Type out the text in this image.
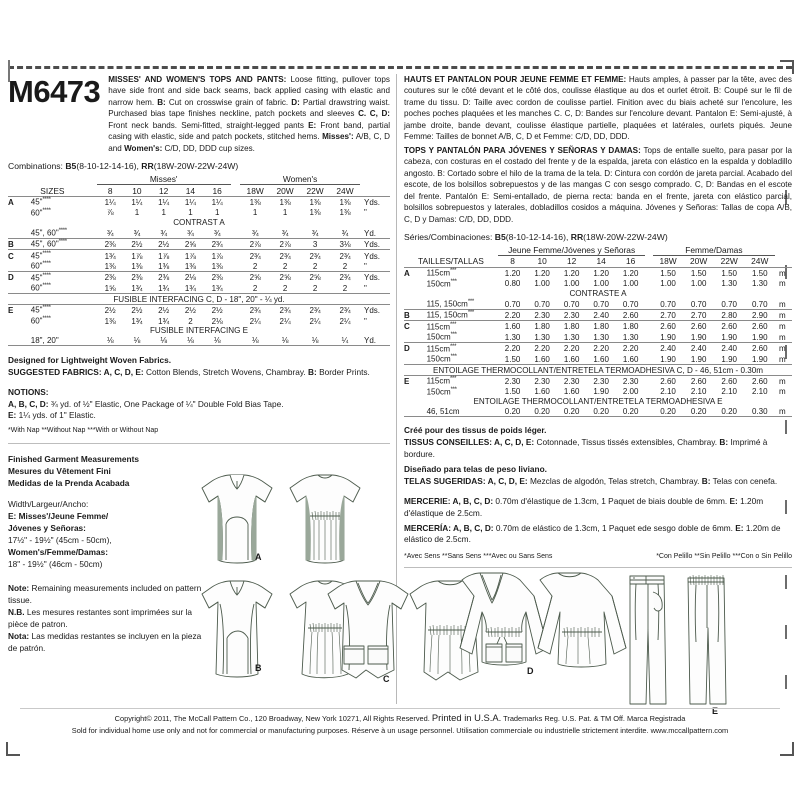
M6473 MISSES' AND WOMEN'S TOPS AND PANTS: Loose fitting, pullover tops have side front and side back seams, back applied casing with elastic and narrow hem. B: Cut on crosswise grain of fabric. D: Partial drawstring waist. Purchased bias tape finishes neckline, patch pockets and sleeves C. C, D: Front neck bands. Semi-fitted, straight-legged pants E: Front band, partial casing with elastic, side and patch pockets, stitched hems. Misses': A/B, C, D and Women's: C/D, DD, DDD cup sizes.
Combinations: B5(8-10-12-14-16), RR(18W-20W-22W-24W)
		Misses'						Women's				
SIZES		8	10	12	14	16		18W	20W	22W	24W	
A	45"****	1¼	1¼	1¼	1¼	1¼		1⅜	1⅜	1⅜	1⅜	Yds.
	60"****	⅞	1	1	1	1		1	1	1⅜	1⅜	"
CONTRAST A												
	45", 60"****	¾	¾	¾	¾	¾		¾	¾	¾	¾	Yd.
B	45", 60"****	2⅜	2½	2½	2⅝	2¾		2⅞	2⅞	3	3⅛	Yds.
C	45"****	1¾	1⅞	1⅞	1⅞	1⅞		2¾	2¾	2¾	2¾	Yds.
	60"****	1⅜	1⅜	1⅜	1⅜	1⅜		2	2	2	2	"
D	45"****	2⅜	2⅜	2⅜	2⅛	2⅜		2⅝	2⅝	2⅝	2¾	Yds.
	60"****	1⅝	1¾	1¾	1¾	1¾		2	2	2	2	"
FUSIBLE INTERFACING C, D - 18", 20" - ¼ yd.												
E	45"****	2½	2½	2½	2½	2½		2¾	2¾	2¾	2¾	Yds.
	60"****	1⅜	1¾	1¾	2	2⅛		2¼	2¼	2¼	2¼	"
FUSIBLE INTERFACING E												
	18", 20"	⅛	⅛	⅛	⅛	⅛		⅛	⅛	⅛	¼	Yd.

Designed for Lightweight Woven Fabrics.
SUGGESTED FABRICS: A, C, D, E: Cotton Blends, Stretch Wovens, Chambray. B: Border Prints.
NOTIONS:
A, B, C, D: ¾ yd. of ½" Elastic, One Package of ¼" Double Fold Bias Tape.
E: 1¼ yds. of 1" Elastic.
*With Nap **Without Nap ***With or Without Nap
Finished Garment Measurements
Mesures du Vêtement Fini
Medidas de la Prenda Acabada
Width/Largeur/Ancho:
E: Misses'/Jeune Femme/
Jóvenes y Señoras:
17½" - 19½" (45cm - 50cm),
Women's/Femme/Damas:
18" - 19½" (46cm - 50cm)
Note: Remaining measurements included on pattern tissue.
N.B. Les mesures restantes sont imprimées sur la pièce de patron.
Nota: Las medidas restantes se incluyen en la pieza de patrón.
HAUTS ET PANTALON POUR JEUNE FEMME ET FEMME: Hauts amples, à passer par la tête, avec des coutures sur le côté devant et le côté dos, coulisse élastique au dos et ourlet étroit. B: Coupé sur le fil de trame du tissu. D: Taille avec cordon de coulisse partiel. Finition avec du biais acheté sur l'encolure, les poches poches plaquées et les manches C. C, D: Bandes sur l'encolure devant. Pantalon E: Semi-ajusté, à jambe droite, bande devant, coulisse élastique partielle, plaquées et latérales, ourlets piqués. Jeune Femme: Tailles de bonnet A/B, C, D et Femme: C/D, DD, DDD.
TOPS Y PANTALÓN PARA JÓVENES Y SEÑORAS Y DAMAS: Tops de entalle suelto, para pasar por la cabeza, con costuras en el costado del frente y de la espalda, jareta con elástico en la espalda y dobladillo angosto. B: Cortado sobre el hilo de la trama de la tela. D: Cintura con cordón de jareta parcial. Acabado del escote, de los bolsillos sobrepuestos y de las mangas C con sesgo comprado. C, D: Bandas en el escote del frente. Pantalón E: Semi-entallado, de pierna recta: banda en el frente, jareta con elástico parcial, bolsillos sobrepuestos y laterales, dobladillos cosidos a máquina. Jóvenes y Señoras: Tallas de copa A/B, C, D y Damas: C/D, DD, DDD.
Séries/Combinaciones: B5(8-10-12-14-16), RR(18W-20W-22W-24W)
		Jeune Femme/Jóvenes y Señoras						Femme/Damas				
TAILLES/TALLAS		8	10	12	14	16		18W	20W	22W	24W	
A	115cm***	1.20	1.20	1.20	1.20	1.20		1.50	1.50	1.50	1.50	m
	150cm***	0.80	1.00	1.00	1.00	1.00		1.00	1.00	1.30	1.30	m
CONTRASTE A												
	115, 150cm***	0.70	0.70	0.70	0.70	0.70		0.70	0.70	0.70	0.70	m
B	115, 150cm***	2.20	2.30	2.30	2.40	2.60		2.70	2.70	2.80	2.90	m
C	115cm***	1.60	1.80	1.80	1.80	1.80		2.60	2.60	2.60	2.60	m
	150cm***	1.30	1.30	1.30	1.30	1.30		1.90	1.90	1.90	1.90	m
D	115cm***	2.20	2.20	2.20	2.20	2.20		2.40	2.40	2.40	2.60	m
	150cm***	1.50	1.60	1.60	1.60	1.60		1.90	1.90	1.90	1.90	m
ENTOILAGE THERMOCOLLANT/ENTRETELA TERMOADHESIVA C, D - 46, 51cm - 0.30m												
E	115cm***	2.30	2.30	2.30	2.30	2.30		2.60	2.60	2.60	2.60	m
	150cm***	1.50	1.60	1.60	1.90	2.00		2.10	2.10	2.10	2.10	m
ENTOILAGE THERMOCOLLANT/ENTRETELA TERMOADHESIVA E												
	46, 51cm	0.20	0.20	0.20	0.20	0.20		0.20	0.20	0.20	0.30	m

Créé pour des tissus de poids léger.
TISSUS CONSEILLES: A, C, D, E: Cotonnade, Tissus tissés extensibles, Chambray. B: Imprimé à bordure.
Diseñado para telas de peso liviano.
TELAS SUGERIDAS: A, C, D, E: Mezclas de algodón, Telas stretch, Chambray. B: Telas con cenefa.
MERCERIE: A, B, C, D: 0.70m d'élastique de 1.3cm, 1 Paquet de biais double de 6mm. E: 1.20m d'élastique de 2.5cm.
MERCERÍA: A, B, C, D: 0.70m de elástico de 1.3cm, 1 Paquet ede sesgo doble de 6mm. E: 1.20m de elástico de 2.5cm.
*Avec Sens **Sans Sens ***Avec ou Sans Sens	*Con Pelillo **Sin Pelillo ***Con o Sin Pelillo
A
B
C
D
E
Copyright© 2011, The McCall Pattern Co., 120 Broadway, New York 10271, All Rights Reserved. Printed in U.S.A. Trademarks Reg. U.S. Pat. & TM Off. Marca Registrada
Sold for individual home use only and not for commercial or manufacturing purposes. Réserve à un usage personnel. Utilisation commerciale ou industrielle strictement interdite. www.mccallpattern.com
